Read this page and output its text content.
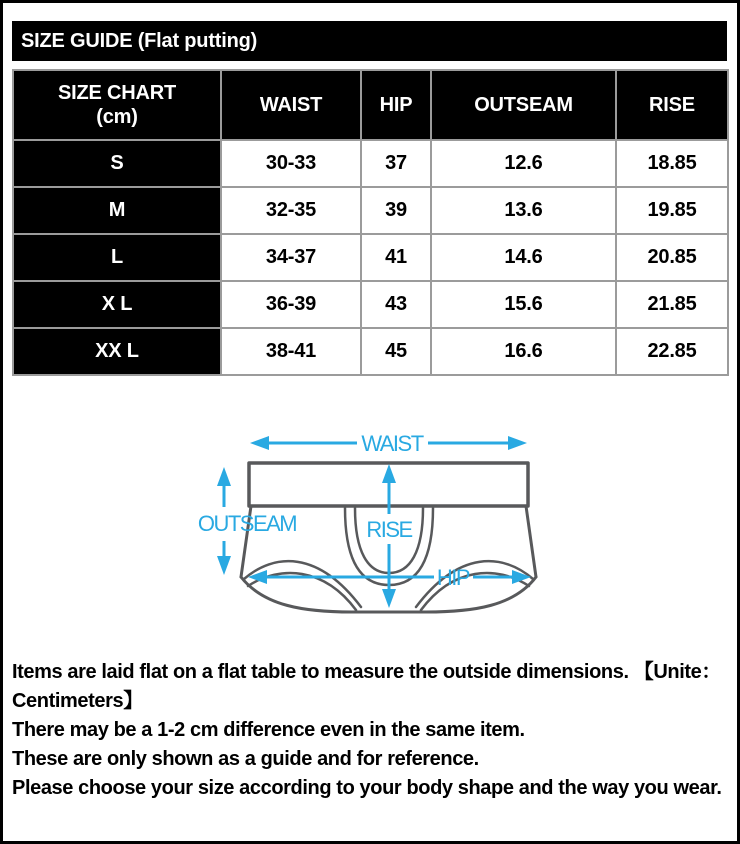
SIZE GUIDE (Flat putting)
SIZE CHART
(cm)	WAIST	HIP	OUTSEAM	RISE
S	30-33	37	12.6	18.85
M	32-35	39	13.6	19.85
L	34-37	41	14.6	20.85
X L	36-39	43	15.6	21.85
XX L	38-41	45	16.6	22.85
WAIST
OUTSEAM	RISE
HIP
Items are laid flat on a flat table to measure the outside dimensions. 【Unite：
Centimeters】
There may be a 1-2 cm difference even in the same item.
These are only shown as a guide and for reference.
Please choose your size according to your body shape and the way you wear.
